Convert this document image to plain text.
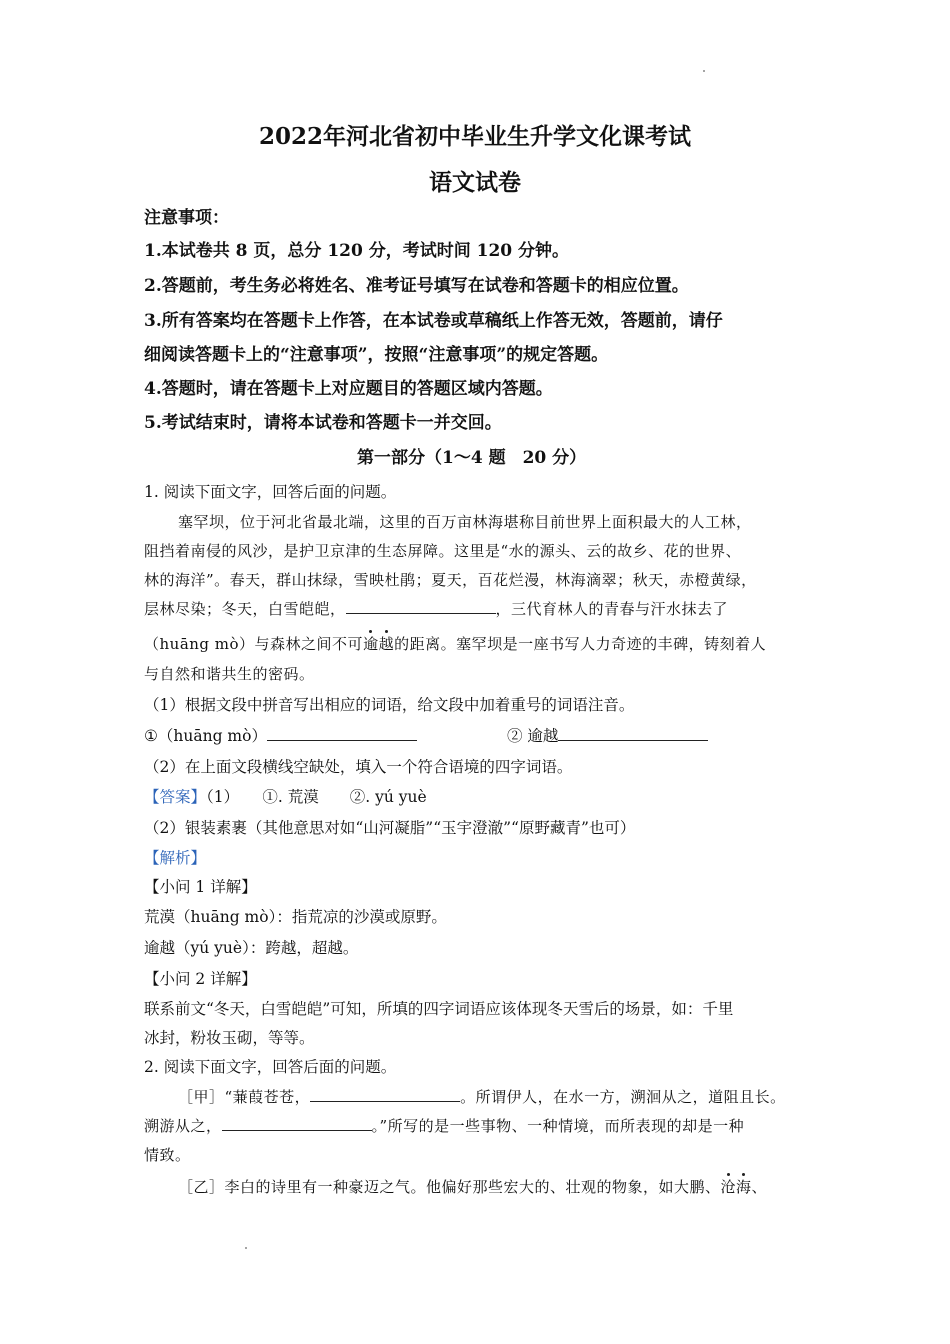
2022年河北省初中毕业生升学文化课考试
语文试卷
注意事项：
1.本试卷共 8 页，总分 120 分，考试时间 120 分钟。
2.答题前，考生务必将姓名、准考证号填写在试卷和答题卡的相应位置。
3.所有答案均在答题卡上作答，在本试卷或草稿纸上作答无效，答题前，请仔
细阅读答题卡上的“注意事项”，按照“注意事项”的规定答题。
4.答题时，请在答题卡上对应题目的答题区域内答题。
5.考试结束时，请将本试卷和答题卡一并交回。
第一部分（1～4 题　20 分）
1. 阅读下面文字，回答后面的问题。
塞罕坝，位于河北省最北端，这里的百万亩林海堪称目前世界上面积最大的人工林，
阻挡着南侵的风沙，是护卫京津的生态屏障。这里是“水的源头、云的故乡、花的世界、
林的海洋”。春天，群山抹绿，雪映杜鹃；夏天，百花烂漫，林海滴翠；秋天，赤橙黄绿，
层林尽染；冬天，白雪皑皑，	，三代育林人的青春与汗水抹去了
（huāng mò）与森林之间不可逾越的距离。塞罕坝是一座书写人力奇迹的丰碑，铸刻着人
与自然和谐共生的密码。
（1）根据文段中拼音写出相应的词语，给文段中加着重号的词语注音。
①（huāng mò）	② 逾越
（2）在上面文段横线空缺处，填入一个符合语境的四字词语。
【答案】（1）　　①. 荒漠　　②. yú yuè
（2）银装素裹（其他意思对如“山河凝脂”“玉宇澄澈”“原野藏青”也可）
【解析】
【小问 1 详解】
荒漠（huāng mò）：指荒凉的沙漠或原野。
逾越（yú yuè）：跨越，超越。
【小问 2 详解】
联系前文“冬天，白雪皑皑”可知，所填的四字词语应该体现冬天雪后的场景，如：千里
冰封，粉妆玉砌，等等。
2. 阅读下面文字，回答后面的问题。
［甲］“蒹葭苍苍，	。所谓伊人，在水一方，溯洄从之，道阻且长。
溯游从之，	。”所写的是一些事物、一种情境，而所表现的却是一种
情致。
［乙］李白的诗里有一种豪迈之气。他偏好那些宏大的、壮观的物象，如大鹏、沧海、
